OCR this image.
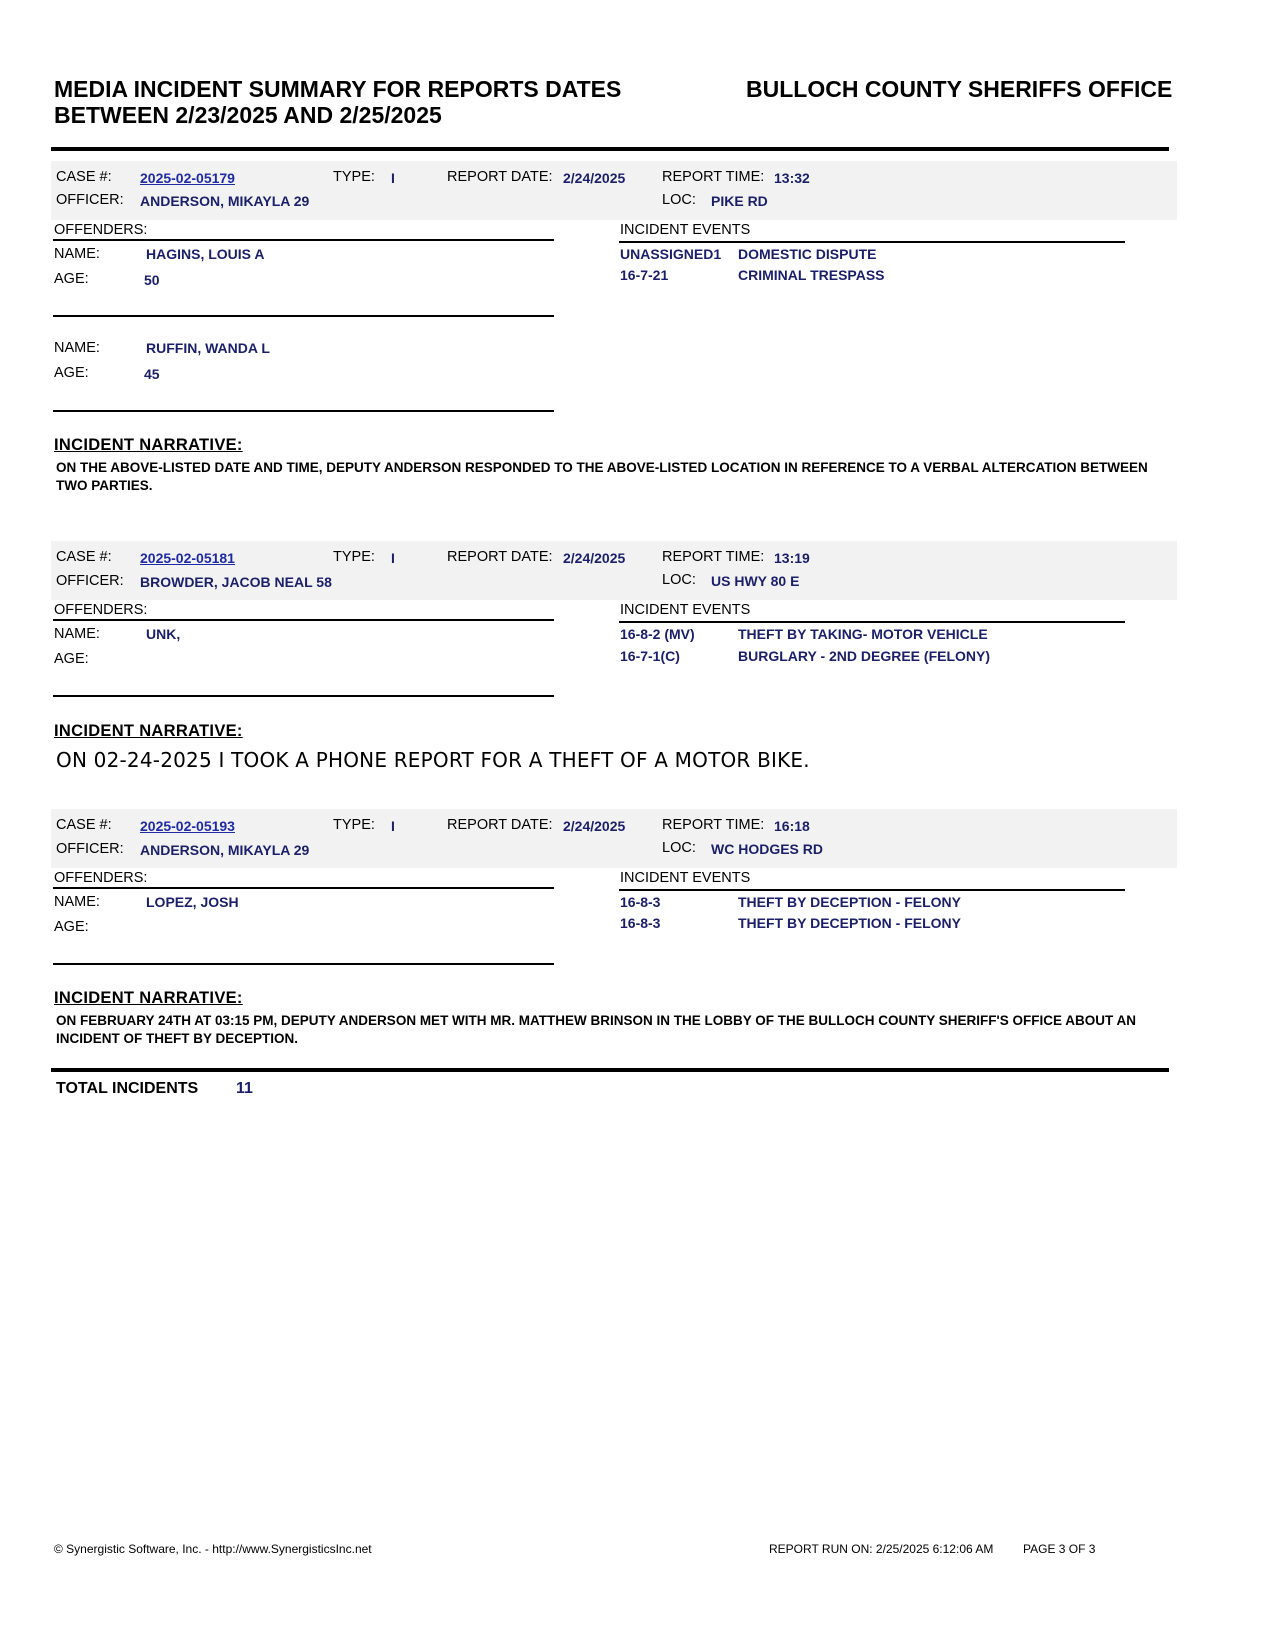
MEDIA INCIDENT SUMMARY FOR REPORTS DATES
BETWEEN 2/23/2025 AND 2/25/2025
BULLOCH COUNTY SHERIFFS OFFICE
CASE #: 2025-02-05179	TYPE: I	REPORT DATE: 2/24/2025	REPORT TIME: 13:32
OFFICER: ANDERSON, MIKAYLA 29	LOC: PIKE RD
OFFENDERS:	INCIDENT EVENTS
NAME:	HAGINS, LOUIS A
AGE:	50
NAME:	RUFFIN, WANDA L
AGE:	45
UNASSIGNED1 DOMESTIC DISPUTE
16-7-21	CRIMINAL TRESPASS
INCIDENT NARRATIVE:
ON THE ABOVE-LISTED DATE AND TIME, DEPUTY ANDERSON RESPONDED TO THE ABOVE-LISTED LOCATION IN REFERENCE TO A VERBAL ALTERCATION BETWEEN TWO PARTIES.
CASE #: 2025-02-05181	TYPE: I	REPORT DATE: 2/24/2025	REPORT TIME: 13:19
OFFICER: BROWDER, JACOB NEAL 58	LOC: US HWY 80 E
OFFENDERS:	INCIDENT EVENTS
NAME:	UNK,
AGE:
16-8-2 (MV)	THEFT BY TAKING- MOTOR VEHICLE
16-7-1(C)	BURGLARY - 2ND DEGREE (FELONY)
INCIDENT NARRATIVE:
ON 02-24-2025 I TOOK A PHONE REPORT FOR A THEFT OF A MOTOR BIKE.
CASE #: 2025-02-05193	TYPE: I	REPORT DATE: 2/24/2025	REPORT TIME: 16:18
OFFICER: ANDERSON, MIKAYLA 29	LOC: WC HODGES RD
OFFENDERS:	INCIDENT EVENTS
NAME:	LOPEZ, JOSH
AGE:
16-8-3	THEFT BY DECEPTION - FELONY
16-8-3	THEFT BY DECEPTION - FELONY
INCIDENT NARRATIVE:
ON FEBRUARY 24TH AT 03:15 PM, DEPUTY ANDERSON MET WITH MR. MATTHEW BRINSON IN THE LOBBY OF THE BULLOCH COUNTY SHERIFF'S OFFICE ABOUT AN INCIDENT OF THEFT BY DECEPTION.
TOTAL INCIDENTS 11
© Synergistic Software, Inc. - http://www.SynergisticsInc.net	REPORT RUN ON: 2/25/2025 6:12:06 AM PAGE 3 OF 3
